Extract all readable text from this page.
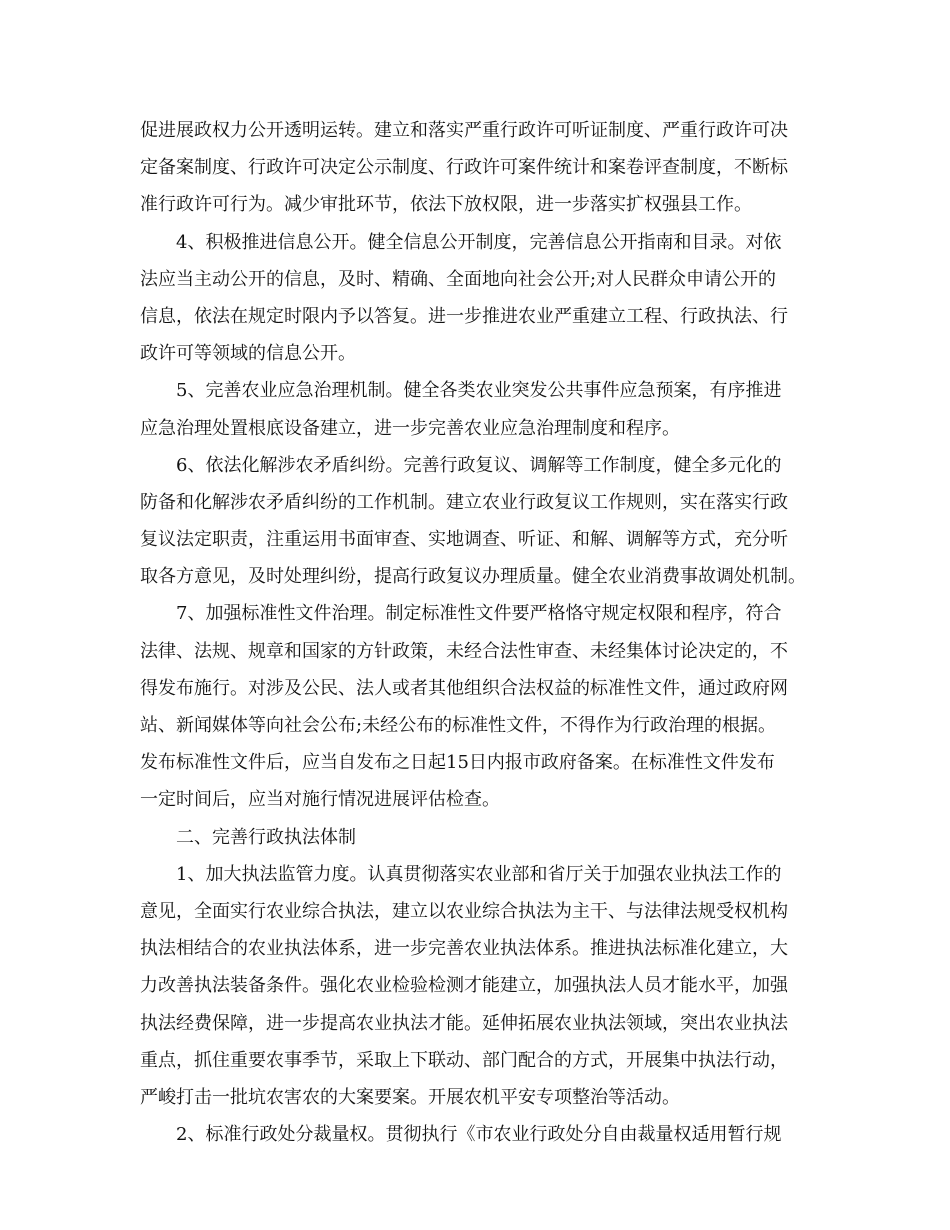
促进展政权力公开透明运转。建立和落实严重行政许可听证制度、严重行政许可决
定备案制度、行政许可决定公示制度、行政许可案件统计和案卷评查制度，不断标
准行政许可行为。减少审批环节，依法下放权限，进一步落实扩权强县工作。
4、积极推进信息公开。健全信息公开制度，完善信息公开指南和目录。对依
法应当主动公开的信息，及时、精确、全面地向社会公开;对人民群众申请公开的
信息，依法在规定时限内予以答复。进一步推进农业严重建立工程、行政执法、行
政许可等领域的信息公开。
5、完善农业应急治理机制。健全各类农业突发公共事件应急预案，有序推进
应急治理处置根底设备建立，进一步完善农业应急治理制度和程序。
6、依法化解涉农矛盾纠纷。完善行政复议、调解等工作制度，健全多元化的
防备和化解涉农矛盾纠纷的工作机制。建立农业行政复议工作规则，实在落实行政
复议法定职责，注重运用书面审查、实地调查、听证、和解、调解等方式，充分听
取各方意见，及时处理纠纷，提高行政复议办理质量。健全农业消费事故调处机制。
7、加强标准性文件治理。制定标准性文件要严格恪守规定权限和程序，符合
法律、法规、规章和国家的方针政策，未经合法性审查、未经集体讨论决定的，不
得发布施行。对涉及公民、法人或者其他组织合法权益的标准性文件，通过政府网
站、新闻媒体等向社会公布;未经公布的标准性文件，不得作为行政治理的根据。
发布标准性文件后，应当自发布之日起15日内报市政府备案。在标准性文件发布
一定时间后，应当对施行情况进展评估检查。
二、完善行政执法体制
1、加大执法监管力度。认真贯彻落实农业部和省厅关于加强农业执法工作的
意见，全面实行农业综合执法，建立以农业综合执法为主干、与法律法规受权机构
执法相结合的农业执法体系，进一步完善农业执法体系。推进执法标准化建立，大
力改善执法装备条件。强化农业检验检测才能建立，加强执法人员才能水平，加强
执法经费保障，进一步提高农业执法才能。延伸拓展农业执法领域，突出农业执法
重点，抓住重要农事季节，采取上下联动、部门配合的方式，开展集中执法行动，
严峻打击一批坑农害农的大案要案。开展农机平安专项整治等活动。
2、标准行政处分裁量权。贯彻执行《市农业行政处分自由裁量权适用暂行规
